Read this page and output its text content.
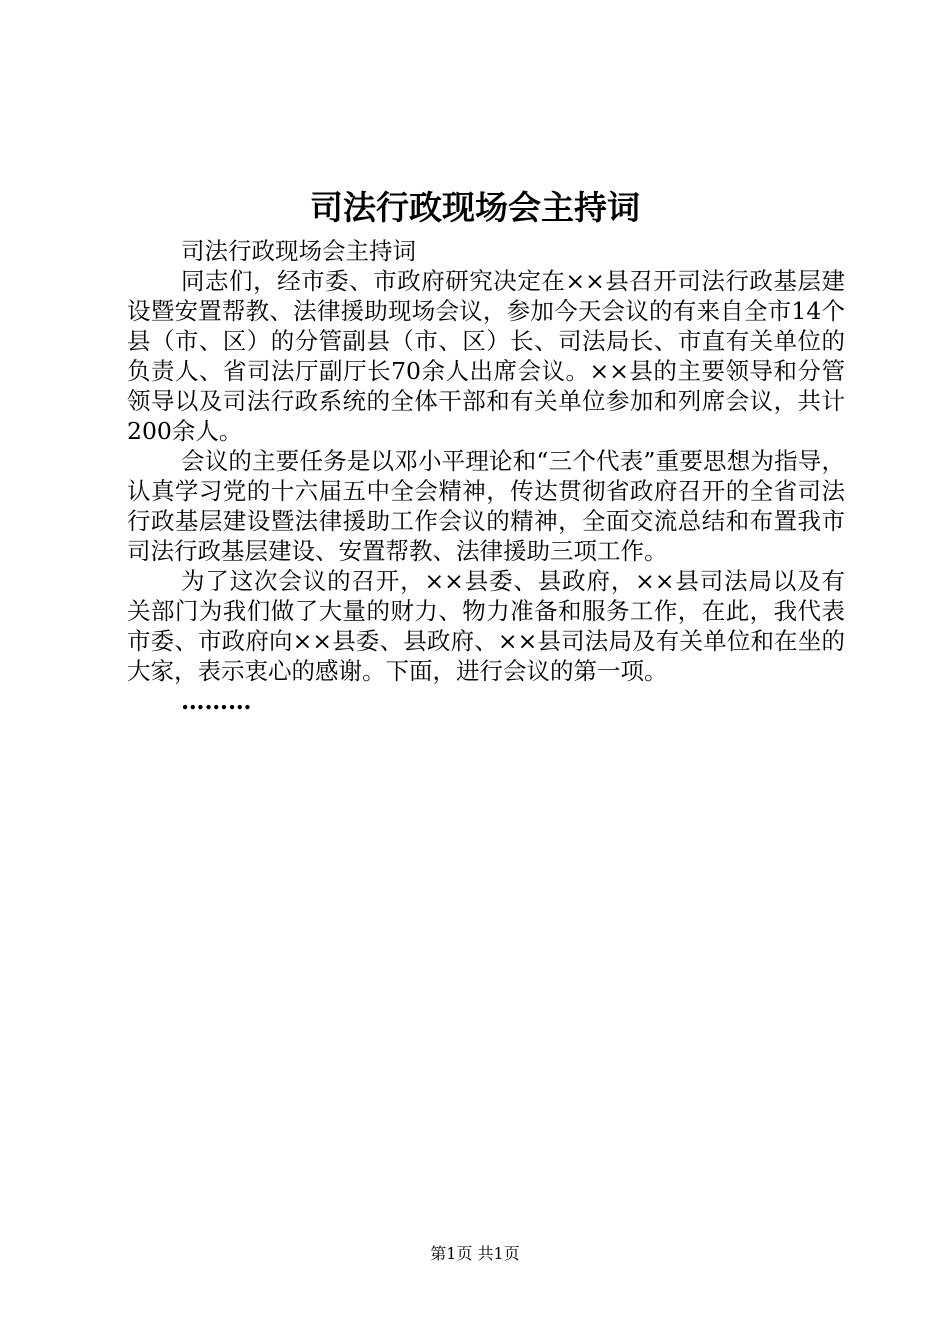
司法行政现场会主持词

司法行政现场会主持词

同志们，经市委、市政府研究决定在××县召开司法行政基层建设暨安置帮教、法律援助现场会议，参加今天会议的有来自全市14个县（市、区）的分管副县（市、区）长、司法局长、市直有关单位的负责人、省司法厅副厅长70余人出席会议。××县的主要领导和分管领导以及司法行政系统的全体干部和有关单位参加和列席会议，共计200余人。

会议的主要任务是以邓小平理论和“三个代表”重要思想为指导，认真学习党的十六届五中全会精神，传达贯彻省政府召开的全省司法行政基层建设暨法律援助工作会议的精神，全面交流总结和布置我市司法行政基层建设、安置帮教、法律援助三项工作。

为了这次会议的召开，××县委、县政府，××县司法局以及有关部门为我们做了大量的财力、物力准备和服务工作，在此，我代表市委、市政府向××县委、县政府、××县司法局及有关单位和在坐的大家，表示衷心的感谢。下面，进行会议的第一项。

………

第1页 共1页
